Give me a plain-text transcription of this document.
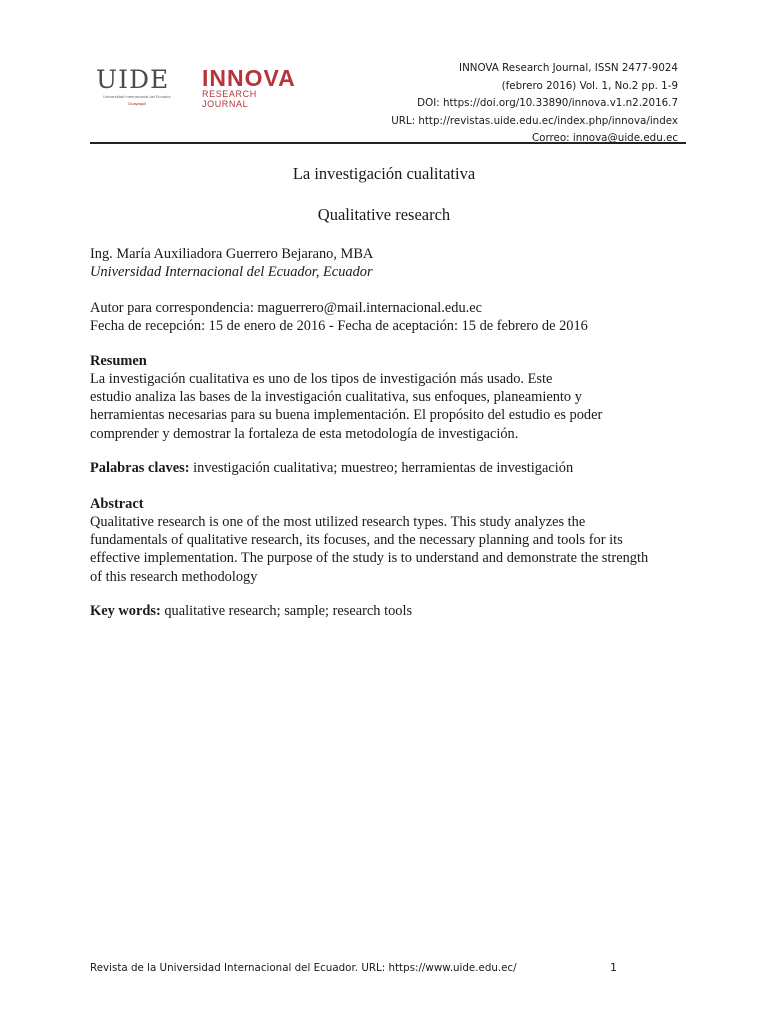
UIDE
Universidad Internacional del Ecuador
Guayaquil
INNOVA
RESEARCH JOURNAL
INNOVA Research Journal, ISSN 2477-9024
(febrero 2016) Vol. 1, No.2 pp. 1-9
DOI: https://doi.org/10.33890/innova.v1.n2.2016.7
URL: http://revistas.uide.edu.ec/index.php/innova/index
Correo: innova@uide.edu.ec
La investigación cualitativa
Qualitative research
Ing. María Auxiliadora Guerrero Bejarano, MBA
Universidad Internacional del Ecuador, Ecuador
Autor para correspondencia: maguerrero@mail.internacional.edu.ec
Fecha de recepción: 15 de enero de 2016 - Fecha de aceptación: 15 de febrero de 2016
Resumen
La investigación cualitativa es uno de los tipos de investigación más usado. Este
estudio analiza las bases de la investigación cualitativa, sus enfoques, planeamiento y
herramientas necesarias para su buena implementación. El propósito del estudio es poder
comprender y demostrar la fortaleza de esta metodología de investigación.
Palabras claves: investigación cualitativa; muestreo; herramientas de investigación
Abstract
Qualitative research is one of the most utilized research types. This study analyzes the
fundamentals of qualitative research, its focuses, and the necessary planning and tools for its
effective implementation. The purpose of the study is to understand and demonstrate the strength
of this research methodology
Key words: qualitative research; sample; research tools
Revista de la Universidad Internacional del Ecuador. URL: https://www.uide.edu.ec/	1
